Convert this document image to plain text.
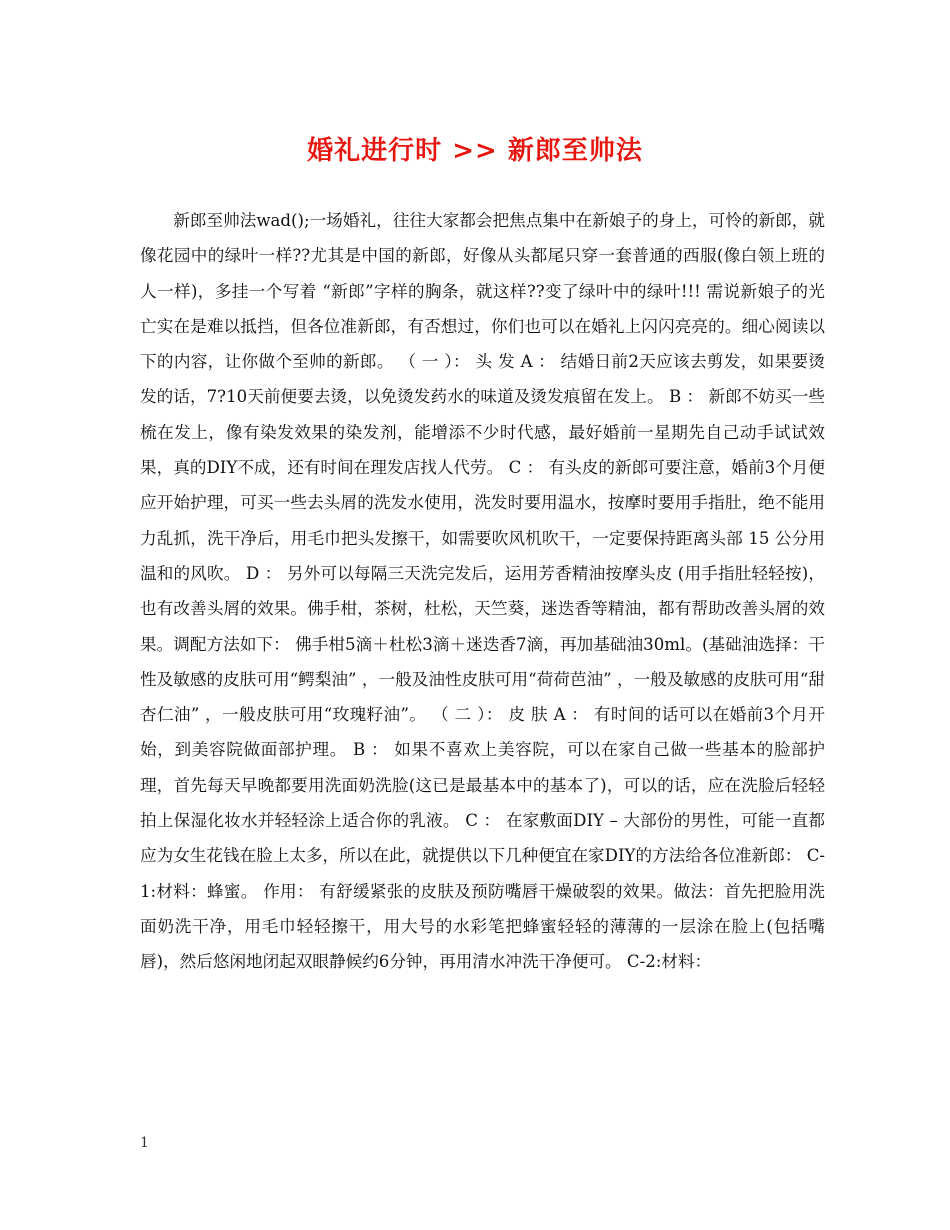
婚礼进行时 >> 新郎至帅法
新郎至帅法wad();一场婚礼，往往大家都会把焦点集中在新娘子的身上，可怜的新郎，就像花园中的绿叶一样??尤其是中国的新郎，好像从头都尾只穿一套普通的西服(像白领上班的人一样)，多挂一个写着 “新郎”字样的胸条，就这样??变了绿叶中的绿叶!!! 需说新娘子的光亡实在是难以抵挡，但各位准新郎，有否想过，你们也可以在婚礼上闪闪亮亮的。细心阅读以下的内容，让你做个至帅的新郎。 （ 一 ）： 头 发 A ： 结婚日前2天应该去剪发，如果要烫发的话，7?10天前便要去烫，以免烫发药水的味道及烫发痕留在发上。 B ： 新郎不妨买一些梳在发上，像有染发效果的染发剂，能增添不少时代感，最好婚前一星期先自己动手试试效果，真的DIY不成，还有时间在理发店找人代劳。 C ： 有头皮的新郎可要注意，婚前3个月便应开始护理，可买一些去头屑的洗发水使用，洗发时要用温水，按摩时要用手指肚，绝不能用力乱抓，洗干净后，用毛巾把头发擦干，如需要吹风机吹干，一定要保持距离头部 15 公分用温和的风吹。 D ： 另外可以每隔三天洗完发后，运用芳香精油按摩头皮 (用手指肚轻轻按)，也有改善头屑的效果。佛手柑，茶树，杜松，天竺葵，迷迭香等精油，都有帮助改善头屑的效果。调配方法如下： 佛手柑5滴＋杜松3滴＋迷迭香7滴，再加基础油30ml。(基础油选择：干性及敏感的皮肤可用“鳄梨油” ，一般及油性皮肤可用“荷荷芭油” ，一般及敏感的皮肤可用“甜杏仁油” ，一般皮肤可用“玫瑰籽油”。 （ 二 ）： 皮 肤 A ： 有时间的话可以在婚前3个月开始，到美容院做面部护理。 B ： 如果不喜欢上美容院，可以在家自己做一些基本的脸部护理，首先每天早晚都要用洗面奶洗脸(这已是最基本中的基本了)，可以的话，应在洗脸后轻轻拍上保湿化妆水并轻轻涂上适合你的乳液。 C ： 在家敷面DIY – 大部份的男性，可能一直都应为女生花钱在脸上太多，所以在此，就提供以下几种便宜在家DIY的方法给各位准新郎： C-1:材料：蜂蜜。 作用： 有舒缓紧张的皮肤及预防嘴唇干燥破裂的效果。做法：首先把脸用洗面奶洗干净，用毛巾轻轻擦干，用大号的水彩笔把蜂蜜轻轻的薄薄的一层涂在脸上(包括嘴唇)，然后悠闲地闭起双眼静候约6分钟，再用清水冲洗干净便可。 C-2:材料：
1
